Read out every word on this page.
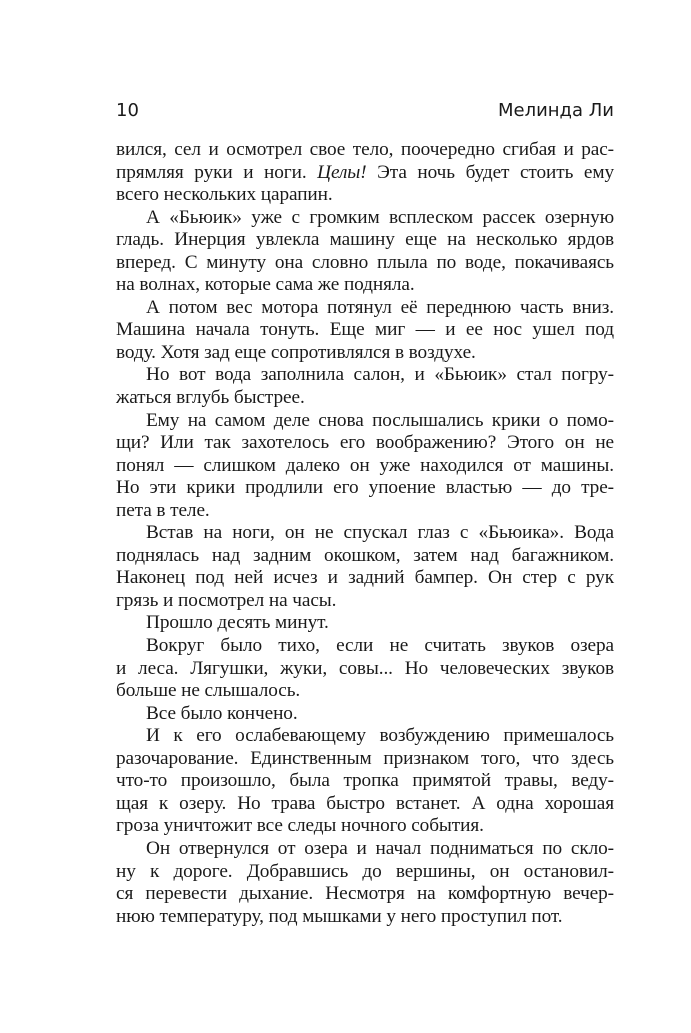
10	Мелинда Ли
вился, сел и осмотрел свое тело, поочередно сгибая и рас-
прямляя руки и ноги. Целы! Эта ночь будет стоить ему
всего нескольких царапин.
А «Бьюик» уже с громким всплеском рассек озерную
гладь. Инерция увлекла машину еще на несколько ярдов
вперед. С минуту она словно плыла по воде, покачиваясь
на волнах, которые сама же подняла.
А потом вес мотора потянул её переднюю часть вниз.
Машина начала тонуть. Еще миг — и ее нос ушел под
воду. Хотя зад еще сопротивлялся в воздухе.
Но вот вода заполнила салон, и «Бьюик» стал погру-
жаться вглубь быстрее.
Ему на самом деле снова послышались крики о помо-
щи? Или так захотелось его воображению? Этого он не
понял — слишком далеко он уже находился от машины.
Но эти крики продлили его упоение властью — до тре-
пета в теле.
Встав на ноги, он не спускал глаз с «Бьюика». Вода
поднялась над задним окошком, затем над багажником.
Наконец под ней исчез и задний бампер. Он стер с рук
грязь и посмотрел на часы.
Прошло десять минут.
Вокруг было тихо, если не считать звуков озера
и леса. Лягушки, жуки, совы... Но человеческих звуков
больше не слышалось.
Все было кончено.
И к его ослабевающему возбуждению примешалось
разочарование. Единственным признаком того, что здесь
что-то произошло, была тропка примятой травы, веду-
щая к озеру. Но трава быстро встанет. А одна хорошая
гроза уничтожит все следы ночного события.
Он отвернулся от озера и начал подниматься по скло-
ну к дороге. Добравшись до вершины, он остановил-
ся перевести дыхание. Несмотря на комфортную вечер-
нюю температуру, под мышками у него проступил пот.
